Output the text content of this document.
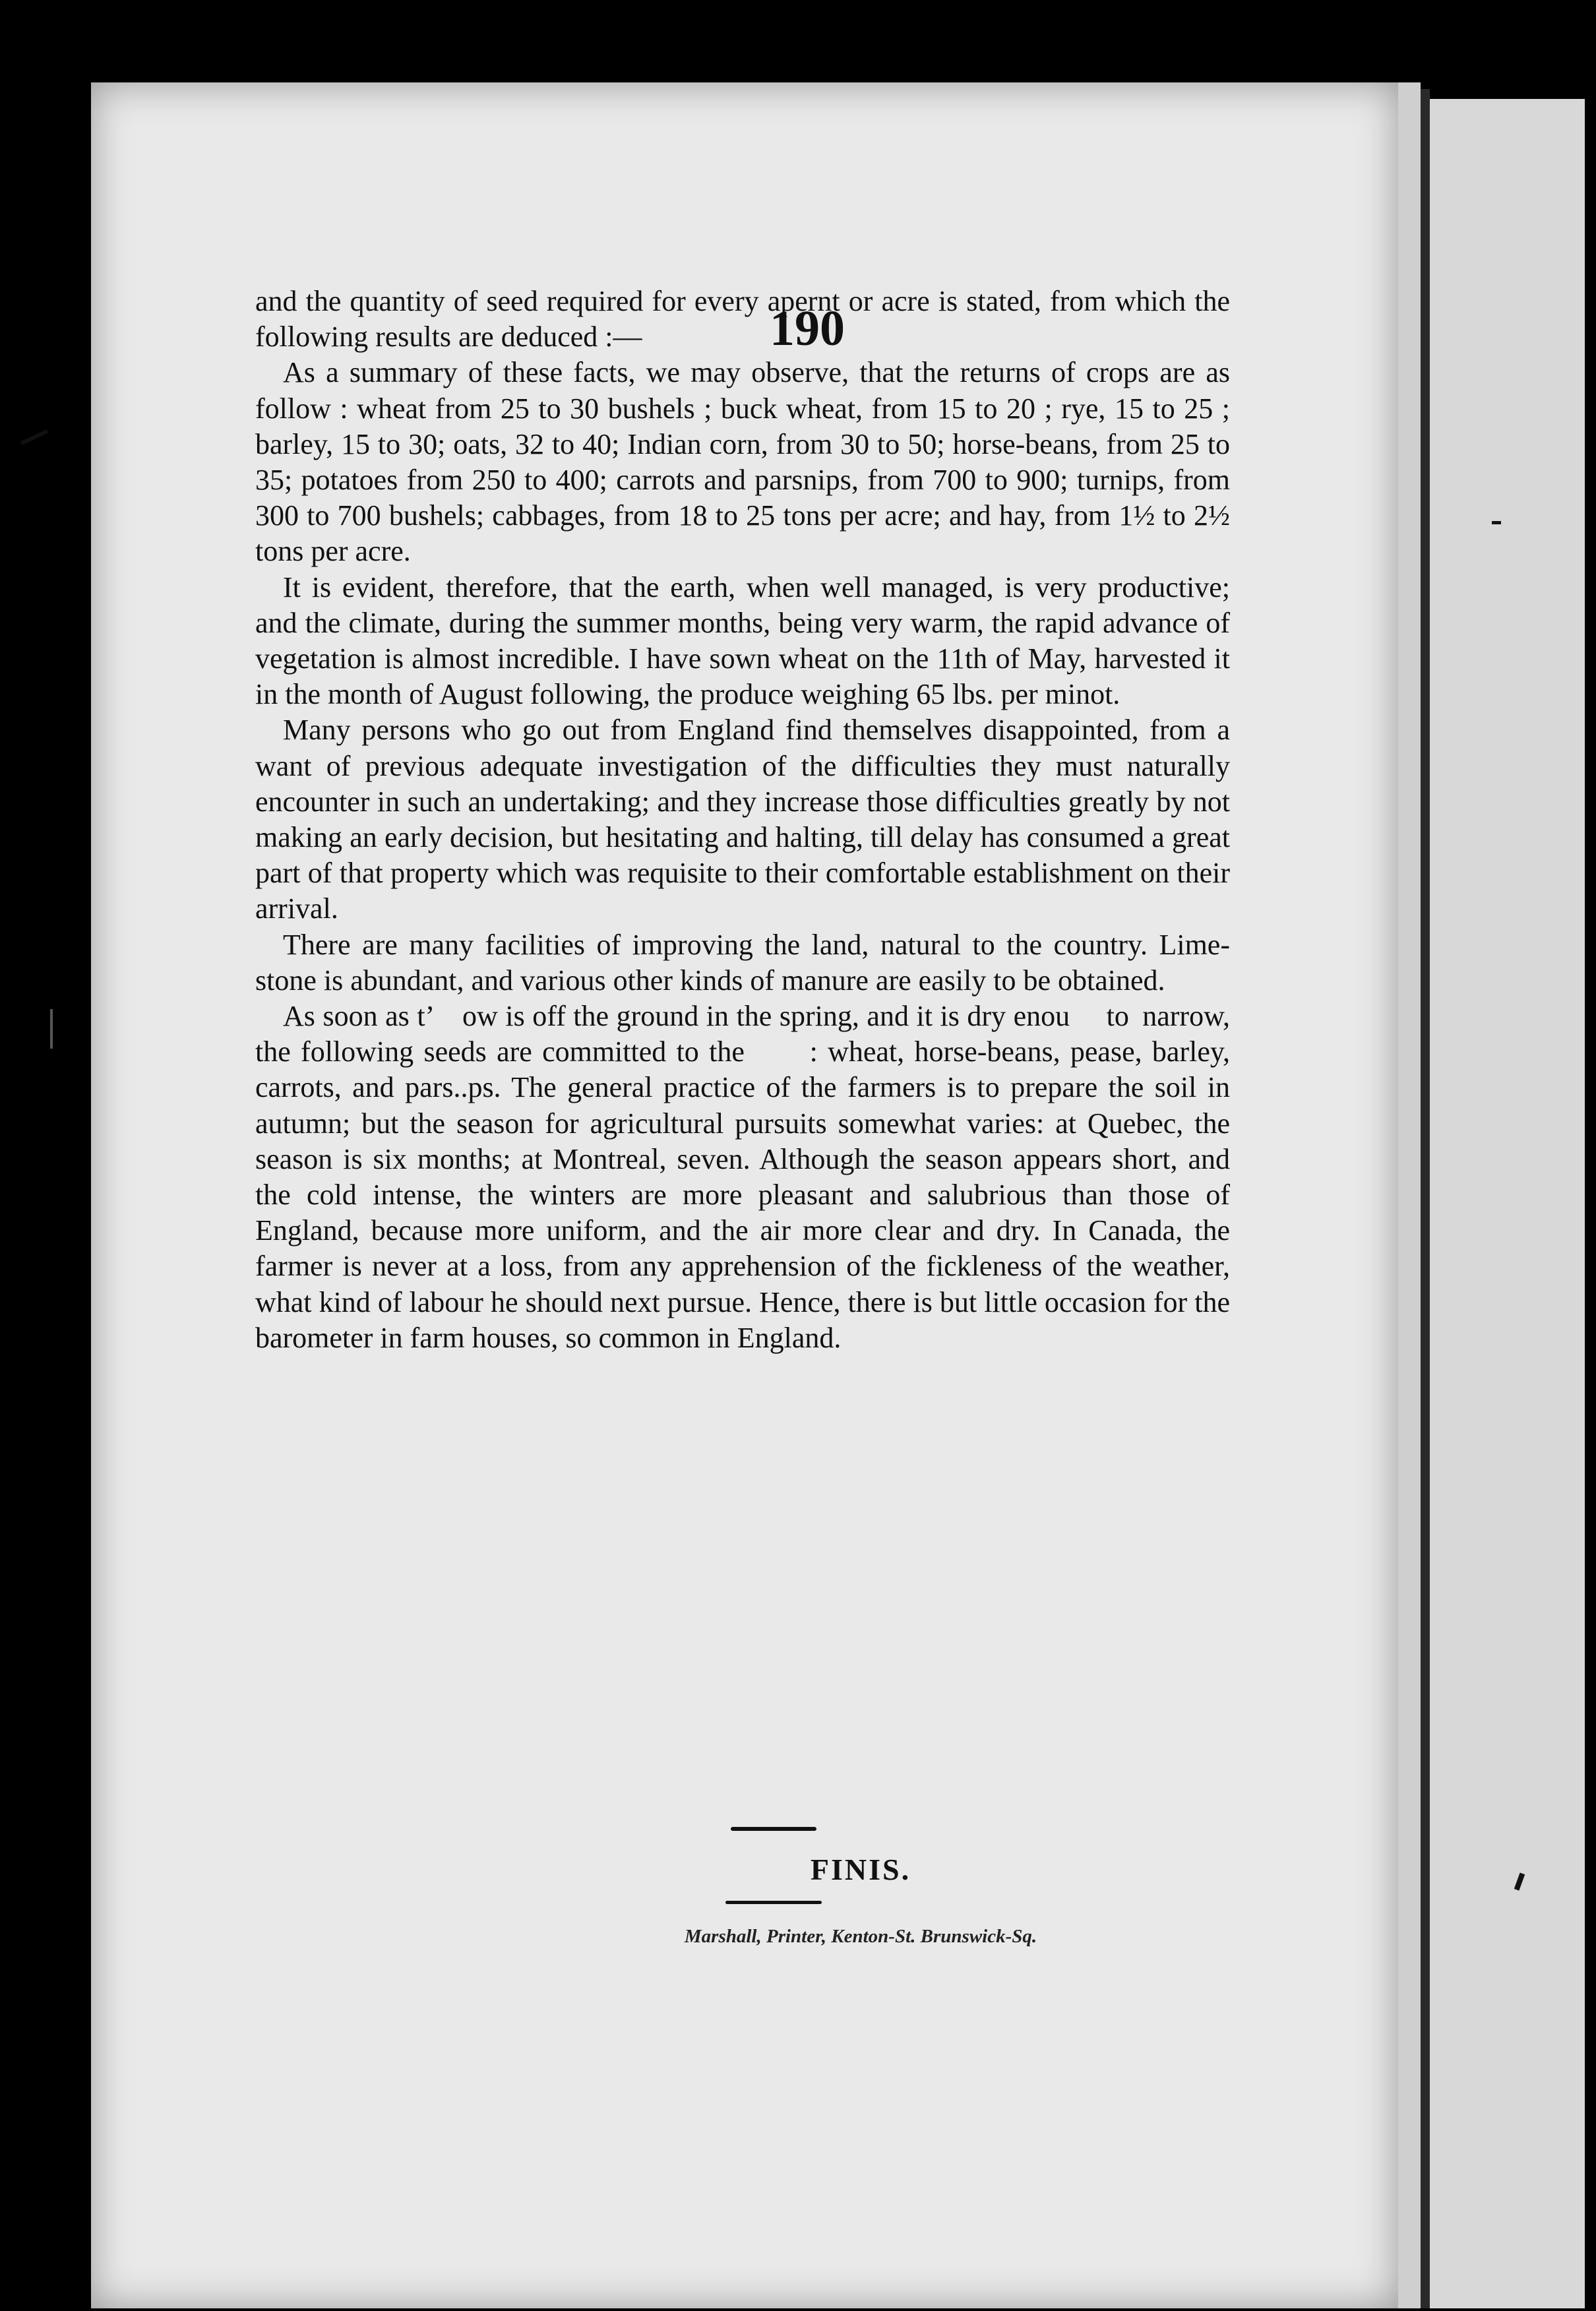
190

and the quantity of seed required for every apernt or acre is stated, from which the following results are deduced :—

As a summary of these facts, we may observe, that the returns of crops are as follow : wheat from 25 to 30 bushels ; buck wheat, from 15 to 20 ; rye, 15 to 25 ; barley, 15 to 30; oats, 32 to 40; Indian corn, from 30 to 50; horse-beans, from 25 to 35; potatoes from 250 to 400; carrots and parsnips, from 700 to 900; turnips, from 300 to 700 bushels; cabbages, from 18 to 25 tons per acre; and hay, from 1½ to 2½ tons per acre.

It is evident, therefore, that the earth, when well managed, is very productive; and the climate, during the summer months, being very warm, the rapid advance of vegetation is almost incredible. I have sown wheat on the 11th of May, harvested it in the month of August following, the produce weighing 65 lbs. per minot.

Many persons who go out from England find themselves disappointed, from a want of previous adequate investigation of the difficulties they must naturally encounter in such an undertaking; and they increase those difficulties greatly by not making an early decision, but hesitating and halting, till delay has consumed a great part of that property which was requisite to their comfortable establishment on their arrival.

There are many facilities of improving the land, natural to the country. Lime-stone is abundant, and various other kinds of manure are easily to be obtained.

As soon as t’   ow is off the ground in the spring, and it is dry enou   to  narrow, the following seeds are committed to the      : wheat, horse-beans, pease, barley, carrots, and pars..ps. The general practice of the farmers is to prepare the soil in autumn; but the season for agricultural pursuits somewhat varies: at Quebec, the season is six months; at Montreal, seven. Although the season appears short, and the cold intense, the winters are more pleasant and salubrious than those of England, because more uniform, and the air more clear and dry. In Canada, the farmer is never at a loss, from any apprehension of the fickleness of the weather, what kind of labour he should next pursue. Hence, there is but little occasion for the barometer in farm houses, so common in England.

FINIS.
Marshall, Printer, Kenton-St. Brunswick-Sq.
